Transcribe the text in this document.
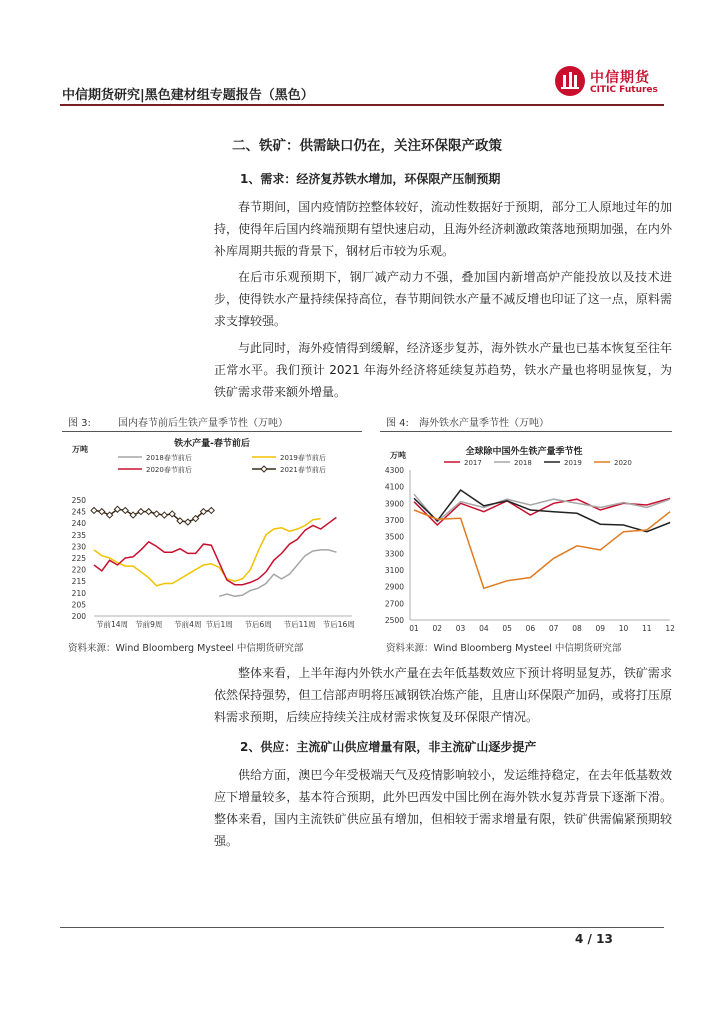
中信期货研究|黑色建材组专题报告（黑色）
中信期货
CITIC Futures
二、铁矿：供需缺口仍在，关注环保限产政策
1、需求：经济复苏铁水增加，环保限产压制预期

春节期间，国内疫情防控整体较好，流动性数据好于预期，部分工人原地过年的加持，使得年后国内终端预期有望快速启动，且海外经济刺激政策落地预期加强，在内外补库周期共振的背景下，钢材后市较为乐观。

在后市乐观预期下，钢厂减产动力不强，叠加国内新增高炉产能投放以及技术进步，使得铁水产量持续保持高位，春节期间铁水产量不减反增也印证了这一点，原料需求支撑较强。

与此同时，海外疫情得到缓解，经济逐步复苏，海外铁水产量也已基本恢复至往年正常水平。我们预计 2021 年海外经济将延续复苏趋势，铁水产量也将明显恢复，为铁矿需求带来额外增量。

图 3:	国内春节前后生铁产量季节性（万吨）
铁水产量-春节前后
万吨
200
205
210
215
220
225
230
235
240
245
250
节前14周 节前9周 节前4周 节后1周 节后6周 节后11周 节后16周
2018春节前后	2019春节前后
2020春节前后	2021春节前后
资料来源：Wind Bloomberg Mysteel 中信期货研究部
图 4: 海外铁水产量季节性（万吨）
全球除中国外生铁产量季节性
万吨
2017	2018	2019	2020
2500
2700
2900
3100
3300
3500
3700
3900
4100
4300
01 02 03 04 05 06 07 08 09 10 11 12
资料来源：Wind Bloomberg Mysteel 中信期货研究部

整体来看，上半年海内外铁水产量在去年低基数效应下预计将明显复苏，铁矿需求依然保持强势，但工信部声明将压减钢铁冶炼产能，且唐山环保限产加码，或将打压原料需求预期，后续应持续关注成材需求恢复及环保限产情况。

2、供应：主流矿山供应增量有限，非主流矿山逐步提产

供给方面，澳巴今年受极端天气及疫情影响较小，发运维持稳定，在去年低基数效应下增量较多，基本符合预期，此外巴西发中国比例在海外铁水复苏背景下逐渐下滑。整体来看，国内主流铁矿供应虽有增加，但相较于需求增量有限，铁矿供需偏紧预期较强。

4 / 13
